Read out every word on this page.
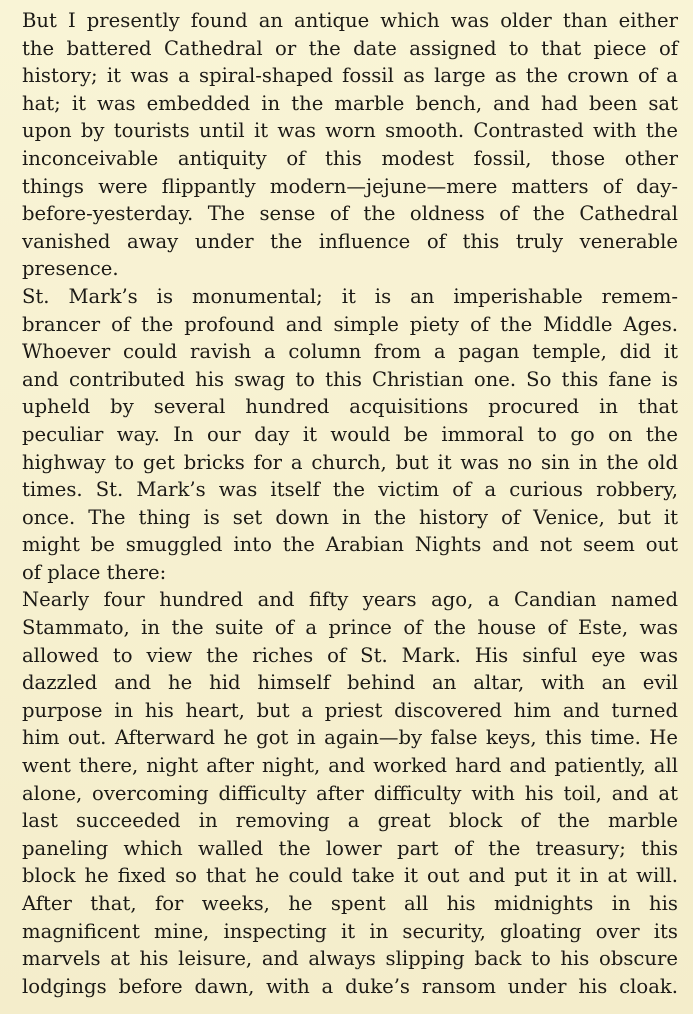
But I presently found an antique which was older than either
the battered Cathedral or the date assigned to that piece of
history; it was a spiral-shaped fossil as large as the crown of a
hat; it was embedded in the marble bench, and had been sat
upon by tourists until it was worn smooth. Contrasted with the
inconceivable antiquity of this modest fossil, those other
things were flippantly modern—jejune—mere matters of day-
before-yesterday. The sense of the oldness of the Cathedral
vanished away under the influence of this truly venerable
presence.
St. Mark’s is monumental; it is an imperishable remem-
brancer of the profound and simple piety of the Middle Ages.
Whoever could ravish a column from a pagan temple, did it
and contributed his swag to this Christian one. So this fane is
upheld by several hundred acquisitions procured in that
peculiar way. In our day it would be immoral to go on the
highway to get bricks for a church, but it was no sin in the old
times. St. Mark’s was itself the victim of a curious robbery,
once. The thing is set down in the history of Venice, but it
might be smuggled into the Arabian Nights and not seem out
of place there:
Nearly four hundred and fifty years ago, a Candian named
Stammato, in the suite of a prince of the house of Este, was
allowed to view the riches of St. Mark. His sinful eye was
dazzled and he hid himself behind an altar, with an evil
purpose in his heart, but a priest discovered him and turned
him out. Afterward he got in again—by false keys, this time. He
went there, night after night, and worked hard and patiently, all
alone, overcoming difficulty after difficulty with his toil, and at
last succeeded in removing a great block of the marble
paneling which walled the lower part of the treasury; this
block he fixed so that he could take it out and put it in at will.
After that, for weeks, he spent all his midnights in his
magnificent mine, inspecting it in security, gloating over its
marvels at his leisure, and always slipping back to his obscure
lodgings before dawn, with a duke’s ransom under his cloak.
